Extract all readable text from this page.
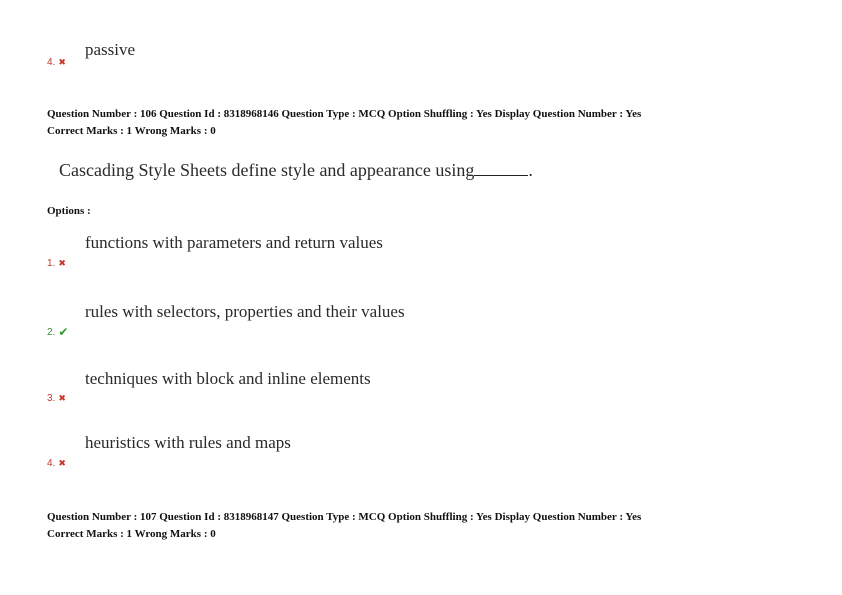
passive
4. ✖
Question Number : 106 Question Id : 8318968146 Question Type : MCQ Option Shuffling : Yes Display Question Number : Yes
Correct Marks : 1 Wrong Marks : 0
Cascading Style Sheets define style and appearance using	.
Options :
functions with parameters and return values
1. ✖
rules with selectors, properties and their values
2. ✔
techniques with block and inline elements
3. ✖
heuristics with rules and maps
4. ✖
Question Number : 107 Question Id : 8318968147 Question Type : MCQ Option Shuffling : Yes Display Question Number : Yes
Correct Marks : 1 Wrong Marks : 0
